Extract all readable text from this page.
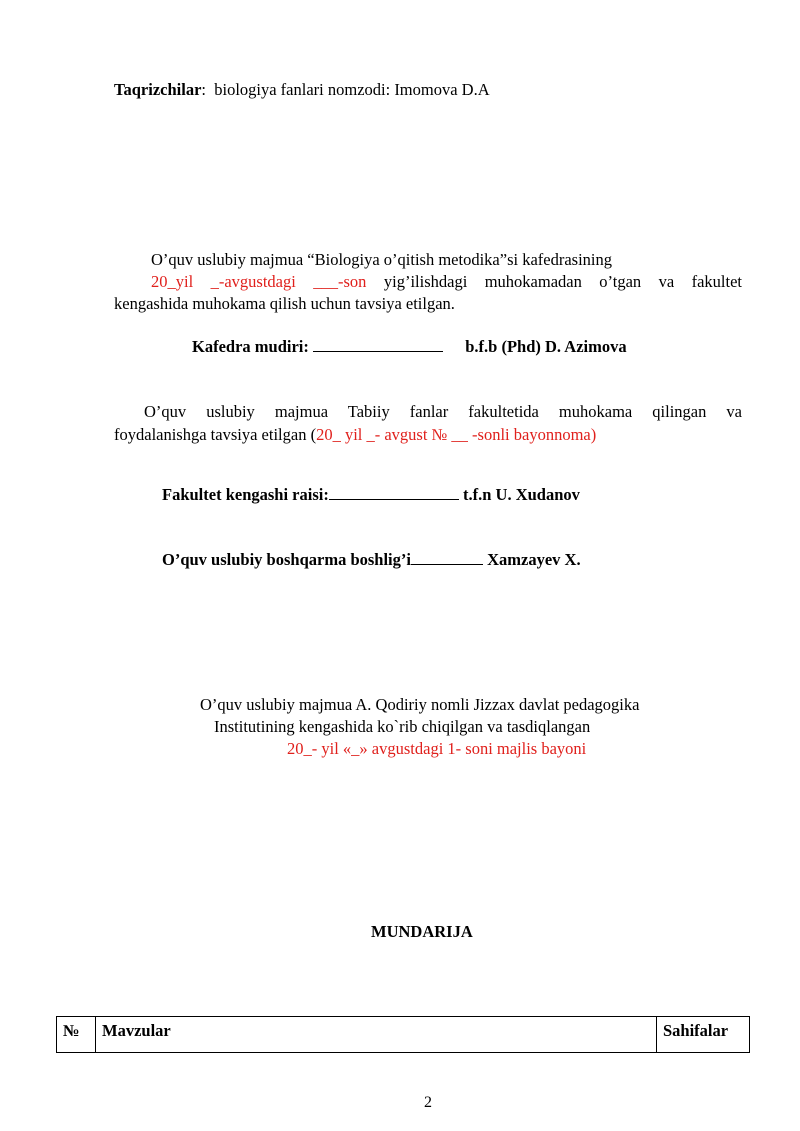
Taqrizchilar: biologiya fanlari nomzodi: Imomova D.A
O’quv uslubiy majmua “Biologiya o’qitish metodika”si kafedrasining
20_yil _-avgustdagi ___-son yig’ilishdagi muhokamadan o’tgan va fakultet
kengashida muhokama qilish uchun tavsiya etilgan.
Kafedra mudiri:	b.f.b (Phd) D. Azimova
O’quv uslubiy majmua Tabiiy fanlar fakultetida muhokama qilingan va
foydalanishga tavsiya etilgan (20_ yil _- avgust № __ -sonli bayonnoma)
Fakultet kengashi raisi:	t.f.n U. Xudanov
O’quv uslubiy boshqarma boshlig’i	Xamzayev X.
O’quv uslubiy majmua A. Qodiriy nomli Jizzax davlat pedagogika
Institutining kengashida ko`rib chiqilgan va tasdiqlangan
20_- yil «_» avgustdagi 1- soni majlis bayoni
MUNDARIJA
№	Mavzular	Sahifalar
2
